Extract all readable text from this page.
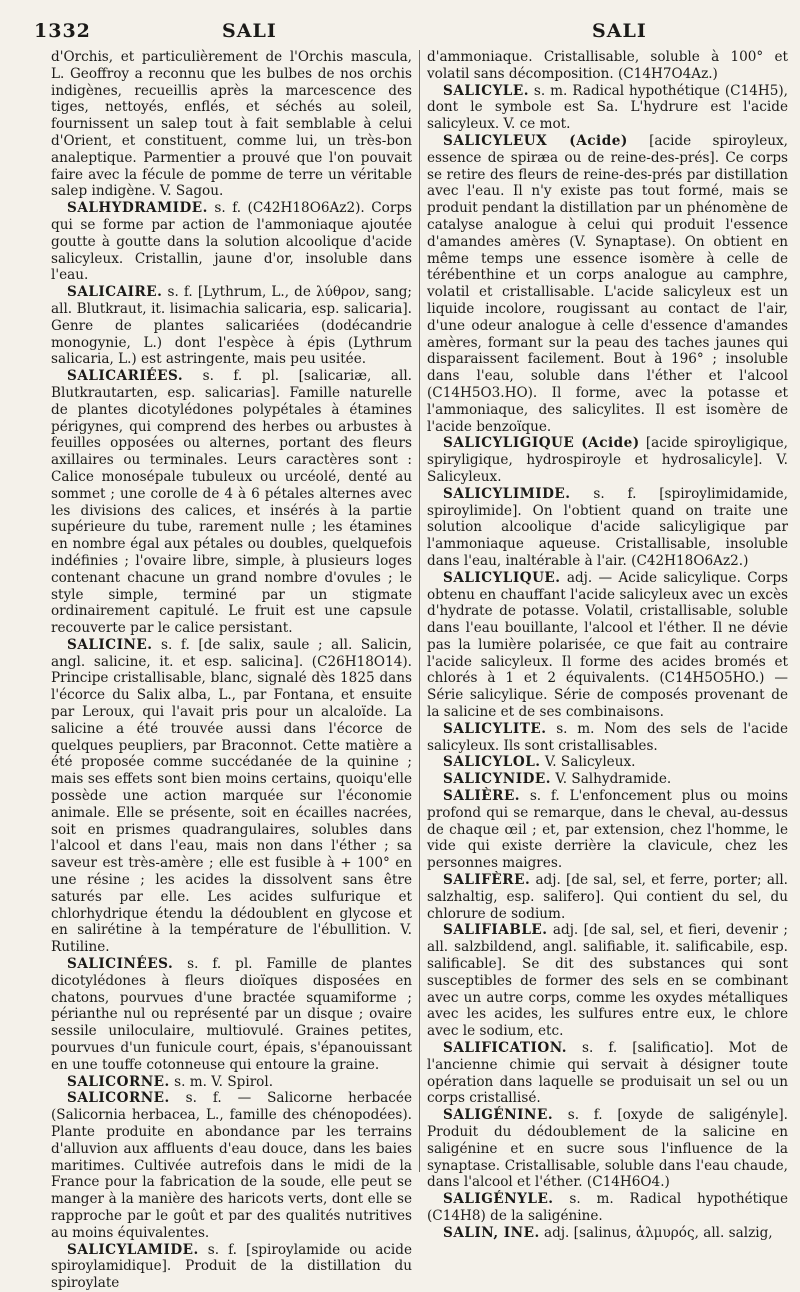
1332	SALI	SALI

d'Orchis, et particulièrement de l'Orchis mascula, L. Geoffroy a reconnu que les bulbes de nos orchis indigènes, recueillis après la marcescence des tiges, nettoyés, enflés, et séchés au soleil, fournissent un salep tout à fait semblable à celui d'Orient, et constituent, comme lui, un très-bon analeptique. Parmentier a prouvé que l'on pouvait faire avec la fécule de pomme de terre un véritable salep indigène. V. Sagou.

SALHYDRAMIDE. s. f. (C42H18O6Az2). Corps qui se forme par action de l'ammoniaque ajoutée goutte à goutte dans la solution alcoolique d'acide salicyleux. Cristallin, jaune d'or, insoluble dans l'eau.

SALICAIRE. s. f. [Lythrum, L., de λύθρον, sang; all. Blutkraut, it. lisimachia salicaria, esp. salicaria]. Genre de plantes salicariées (dodécandrie monogynie, L.) dont l'espèce à épis (Lythrum salicaria, L.) est astringente, mais peu usitée.

SALICARIÉES. s. f. pl. [salicariæ, all. Blutkrautarten, esp. salicarias]. Famille naturelle de plantes dicotylédones polypétales à étamines périgynes, qui comprend des herbes ou arbustes à feuilles opposées ou alternes, portant des fleurs axillaires ou terminales. Leurs caractères sont : Calice monosépale tubuleux ou urcéolé, denté au sommet ; une corolle de 4 à 6 pétales alternes avec les divisions des calices, et insérés à la partie supérieure du tube, rarement nulle ; les étamines en nombre égal aux pétales ou doubles, quelquefois indéfinies ; l'ovaire libre, simple, à plusieurs loges contenant chacune un grand nombre d'ovules ; le style simple, terminé par un stigmate ordinairement capitulé. Le fruit est une capsule recouverte par le calice persistant.

SALICINE. s. f. [de salix, saule ; all. Salicin, angl. salicine, it. et esp. salicina]. (C26H18O14). Principe cristallisable, blanc, signalé dès 1825 dans l'écorce du Salix alba, L., par Fontana, et ensuite par Leroux, qui l'avait pris pour un alcaloïde. La salicine a été trouvée aussi dans l'écorce de quelques peupliers, par Braconnot. Cette matière a été proposée comme succédanée de la quinine ; mais ses effets sont bien moins certains, quoiqu'elle possède une action marquée sur l'économie animale. Elle se présente, soit en écailles nacrées, soit en prismes quadrangulaires, solubles dans l'alcool et dans l'eau, mais non dans l'éther ; sa saveur est très-amère ; elle est fusible à + 100° en une résine ; les acides la dissolvent sans être saturés par elle. Les acides sulfurique et chlorhydrique étendu la dédoublent en glycose et en salirétine à la température de l'ébullition. V. Rutiline.

SALICINÉES. s. f. pl. Famille de plantes dicotylédones à fleurs dioïques disposées en chatons, pourvues d'une bractée squamiforme ; périanthe nul ou représenté par un disque ; ovaire sessile uniloculaire, multiovulé. Graines petites, pourvues d'un funicule court, épais, s'épanouissant en une touffe cotonneuse qui entoure la graine.

SALICORNE. s. m. V. Spirol.

SALICORNE. s. f. — Salicorne herbacée (Salicornia herbacea, L., famille des chénopodées). Plante produite en abondance par les terrains d'alluvion aux affluents d'eau douce, dans les baies maritimes. Cultivée autrefois dans le midi de la France pour la fabrication de la soude, elle peut se manger à la manière des haricots verts, dont elle se rapproche par le goût et par des qualités nutritives au moins équivalentes.

SALICYLAMIDE. s. f. [spiroylamide ou acide spiroylamidique]. Produit de la distillation du spiroylate

d'ammoniaque. Cristallisable, soluble à 100° et volatil sans décomposition. (C14H7O4Az.)

SALICYLE. s. m. Radical hypothétique (C14H5), dont le symbole est Sa. L'hydrure est l'acide salicyleux. V. ce mot.

SALICYLEUX (Acide) [acide spiroyleux, essence de spiræa ou de reine-des-prés]. Ce corps se retire des fleurs de reine-des-prés par distillation avec l'eau. Il n'y existe pas tout formé, mais se produit pendant la distillation par un phénomène de catalyse analogue à celui qui produit l'essence d'amandes amères (V. Synaptase). On obtient en même temps une essence isomère à celle de térébenthine et un corps analogue au camphre, volatil et cristallisable. L'acide salicyleux est un liquide incolore, rougissant au contact de l'air, d'une odeur analogue à celle d'essence d'amandes amères, formant sur la peau des taches jaunes qui disparaissent facilement. Bout à 196° ; insoluble dans l'eau, soluble dans l'éther et l'alcool (C14H5O3.HO). Il forme, avec la potasse et l'ammoniaque, des salicylites. Il est isomère de l'acide benzoïque.

SALICYLIGIQUE (Acide) [acide spiroyligique, spiryligique, hydrospiroyle et hydrosalicyle]. V. Salicyleux.

SALICYLIMIDE. s. f. [spiroylimidamide, spiroylimide]. On l'obtient quand on traite une solution alcoolique d'acide salicyligique par l'ammoniaque aqueuse. Cristallisable, insoluble dans l'eau, inaltérable à l'air. (C42H18O6Az2.)

SALICYLIQUE. adj. — Acide salicylique. Corps obtenu en chauffant l'acide salicyleux avec un excès d'hydrate de potasse. Volatil, cristallisable, soluble dans l'eau bouillante, l'alcool et l'éther. Il ne dévie pas la lumière polarisée, ce que fait au contraire l'acide salicyleux. Il forme des acides bromés et chlorés à 1 et 2 équivalents. (C14H5O5HO.) — Série salicylique. Série de composés provenant de la salicine et de ses combinaisons.

SALICYLITE. s. m. Nom des sels de l'acide salicyleux. Ils sont cristallisables.

SALICYLOL. V. Salicyleux.

SALICYNIDE. V. Salhydramide.

SALIÈRE. s. f. L'enfoncement plus ou moins profond qui se remarque, dans le cheval, au-dessus de chaque œil ; et, par extension, chez l'homme, le vide qui existe derrière la clavicule, chez les personnes maigres.

SALIFÈRE. adj. [de sal, sel, et ferre, porter; all. salzhaltig, esp. salifero]. Qui contient du sel, du chlorure de sodium.

SALIFIABLE. adj. [de sal, sel, et fieri, devenir ; all. salzbildend, angl. salifiable, it. salificabile, esp. salificable]. Se dit des substances qui sont susceptibles de former des sels en se combinant avec un autre corps, comme les oxydes métalliques avec les acides, les sulfures entre eux, le chlore avec le sodium, etc.

SALIFICATION. s. f. [salificatio]. Mot de l'ancienne chimie qui servait à désigner toute opération dans laquelle se produisait un sel ou un corps cristallisé.

SALIGÉNINE. s. f. [oxyde de saligényle]. Produit du dédoublement de la salicine en saligénine et en sucre sous l'influence de la synaptase. Cristallisable, soluble dans l'eau chaude, dans l'alcool et l'éther. (C14H6O4.)

SALIGÉNYLE. s. m. Radical hypothétique (C14H8) de la saligénine.

SALIN, INE. adj. [salinus, ἁλμυρός, all. salzig,
